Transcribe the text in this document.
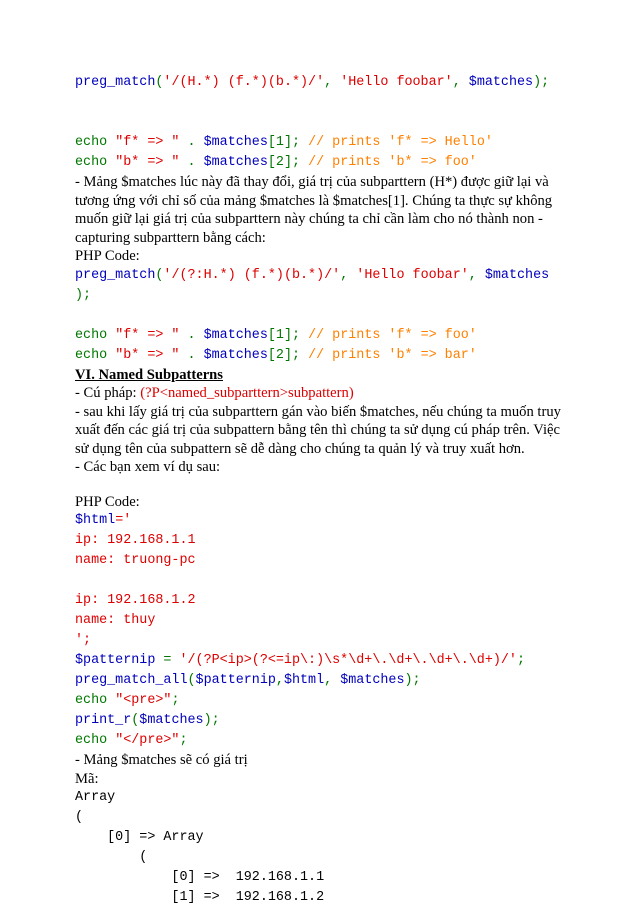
preg_match('/(H.*) (f.*)(b.*)/', 'Hello foobar', $matches);
echo "f* => " . $matches[1]; // prints 'f* => Hello'
echo "b* => " . $matches[2]; // prints 'b* => foo'
- Mảng $matches lúc này đã thay đổi, giá trị của subparttern (H*) được giữ lại và tương ứng với chỉ số của mảng $matches là $matches[1]. Chúng ta thực sự không muốn giữ lại giá trị của subparttern này chúng ta chỉ cần làm cho nó thành non - capturing subparttern bằng cách:
PHP Code:
preg_match('/(?:H.*) (f.*)(b.*)/', 'Hello foobar', $matches
);
echo "f* => " . $matches[1]; // prints 'f* => foo'
echo "b* => " . $matches[2]; // prints 'b* => bar'
VI. Named Subpatterns
- Cú pháp: (?P<named_subparttern>subpattern)
- sau khi lấy giá trị của subparttern gán vào biến $matches, nếu chúng ta muốn truy xuất đến các giá trị của subpattern bằng tên thì chúng ta sử dụng cú pháp trên. Việc sử dụng tên của subpattern sẽ dễ dàng cho chúng ta quản lý và truy xuất hơn.
- Các bạn xem ví dụ sau:
PHP Code:
$html='
ip: 192.168.1.1
name: truong-pc

ip: 192.168.1.2
name: thuy
';
$patternip = '/(?P<ip>(?<=ip\:)\s*\d+\.\d+\.\d+\.\d+)/';
preg_match_all($patternip,$html, $matches);
echo "<pre>";
print_r($matches);
echo "</pre>";
- Mảng $matches sẽ có giá trị
Mã:
Array
(
[0] => Array
(
[0] =>  192.168.1.1
[1] =>  192.168.1.2
